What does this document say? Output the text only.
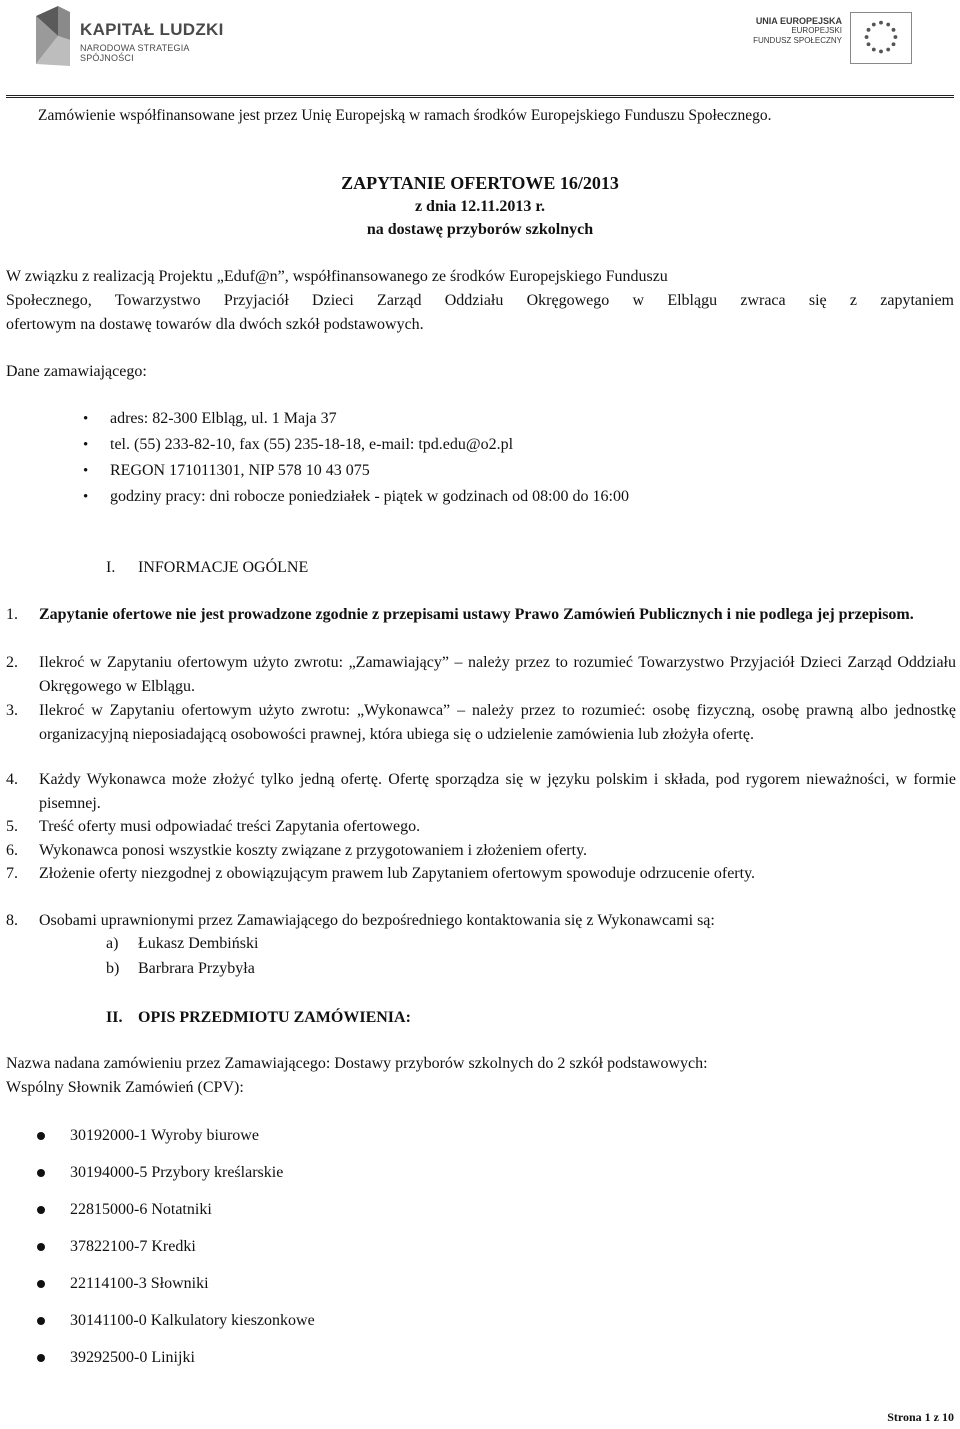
KAPITAŁ LUDZKI
NARODOWA STRATEGIA SPÓJNOŚCI
UNIA EUROPEJSKA
EUROPEJSKI
FUNDUSZ SPOŁECZNY
Zamówienie współfinansowane jest przez Unię Europejską w ramach środków Europejskiego Funduszu Społecznego.
ZAPYTANIE OFERTOWE 16/2013
z dnia 12.11.2013 r.
na dostawę przyborów szkolnych
W związku z realizacją Projektu „Eduf@n”, współfinansowanego ze środków Europejskiego Funduszu
Społecznego, Towarzystwo Przyjaciół Dzieci Zarząd Oddziału Okręgowego w Elblągu zwraca się z zapytaniem
ofertowym na dostawę towarów dla dwóch szkół podstawowych.
Dane zamawiającego:
• adres: 82-300 Elbląg, ul. 1 Maja 37
• tel. (55) 233-82-10, fax (55) 235-18-18, e-mail: tpd.edu@o2.pl
• REGON 171011301, NIP 578 10 43 075
• godziny pracy: dni robocze poniedziałek - piątek w godzinach od 08:00 do 16:00
I. INFORMACJE OGÓLNE
1. Zapytanie ofertowe nie jest prowadzone zgodnie z przepisami ustawy Prawo Zamówień Publicznych i nie podlega jej przepisom.
2. Ilekroć w Zapytaniu ofertowym użyto zwrotu: „Zamawiający” – należy przez to rozumieć Towarzystwo Przyjaciół Dzieci Zarząd Oddziału Okręgowego w Elblągu.
3. Ilekroć w Zapytaniu ofertowym użyto zwrotu: „Wykonawca” – należy przez to rozumieć: osobę fizyczną, osobę prawną albo jednostkę organizacyjną nieposiadającą osobowości prawnej, która ubiega się o udzielenie zamówienia lub złożyła ofertę.
4. Każdy Wykonawca może złożyć tylko jedną ofertę. Ofertę sporządza się w języku polskim i składa, pod rygorem nieważności, w formie pisemnej.
5. Treść oferty musi odpowiadać treści Zapytania ofertowego.
6. Wykonawca ponosi wszystkie koszty związane z przygotowaniem i złożeniem oferty.
7. Złożenie oferty niezgodnej z obowiązującym prawem lub Zapytaniem ofertowym spowoduje odrzucenie oferty.
8. Osobami uprawnionymi przez Zamawiającego do bezpośredniego kontaktowania się z Wykonawcami są:
a) Łukasz Dembiński
b) Barbrara Przybyła
II. OPIS PRZEDMIOTU ZAMÓWIENIA:
Nazwa nadana zamówieniu przez Zamawiającego: Dostawy przyborów szkolnych do 2 szkół podstawowych:
Wspólny Słownik Zamówień (CPV):
30192000-1 Wyroby biurowe
30194000-5 Przybory kreślarskie
22815000-6 Notatniki
37822100-7 Kredki
22114100-3 Słowniki
30141100-0 Kalkulatory kieszonkowe
39292500-0 Linijki
Strona 1 z 10
